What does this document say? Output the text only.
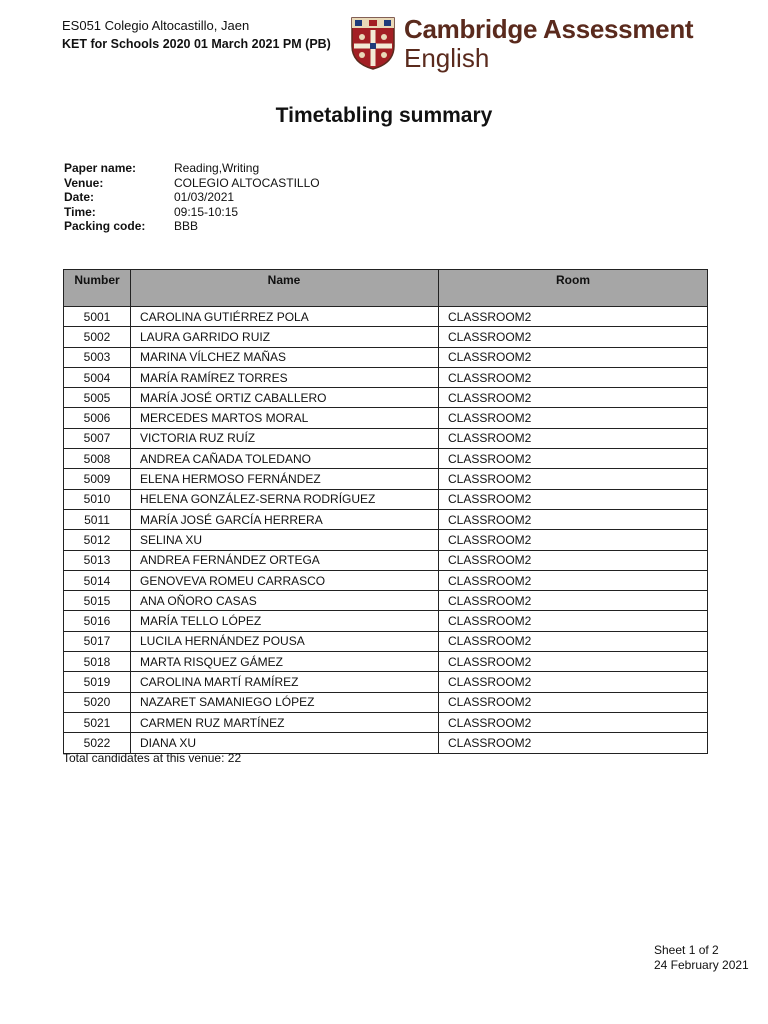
ES051 Colegio Altocastillo, Jaen
KET for Schools 2020 01 March 2021 PM (PB)	Cambridge Assessment
English
Timetabling summary
Paper name:	Reading,Writing
Venue:	COLEGIO ALTOCASTILLO
Date:	01/03/2021
Time:	09:15-10:15
Packing code:	BBB
Number	Name	Room
5001	CAROLINA GUTIÉRREZ POLA	CLASSROOM2
5002	LAURA GARRIDO RUIZ	CLASSROOM2
5003	MARINA VÍLCHEZ MAÑAS	CLASSROOM2
5004	MARÍA RAMÍREZ TORRES	CLASSROOM2
5005	MARÍA JOSÉ ORTIZ CABALLERO	CLASSROOM2
5006	MERCEDES MARTOS MORAL	CLASSROOM2
5007	VICTORIA RUZ RUÍZ	CLASSROOM2
5008	ANDREA CAÑADA TOLEDANO	CLASSROOM2
5009	ELENA HERMOSO FERNÁNDEZ	CLASSROOM2
5010	HELENA GONZÁLEZ-SERNA RODRÍGUEZ	CLASSROOM2
5011	MARÍA JOSÉ GARCÍA HERRERA	CLASSROOM2
5012	SELINA XU	CLASSROOM2
5013	ANDREA FERNÁNDEZ ORTEGA	CLASSROOM2
5014	GENOVEVA ROMEU CARRASCO	CLASSROOM2
5015	ANA OÑORO CASAS	CLASSROOM2
5016	MARÍA TELLO LÓPEZ	CLASSROOM2
5017	LUCILA HERNÁNDEZ POUSA	CLASSROOM2
5018	MARTA RISQUEZ GÁMEZ	CLASSROOM2
5019	CAROLINA MARTÍ RAMÍREZ	CLASSROOM2
5020	NAZARET SAMANIEGO LÓPEZ	CLASSROOM2
5021	CARMEN RUZ MARTÍNEZ	CLASSROOM2
5022	DIANA XU	CLASSROOM2
Total candidates at this venue: 22
Sheet 1 of 2
24 February 2021
